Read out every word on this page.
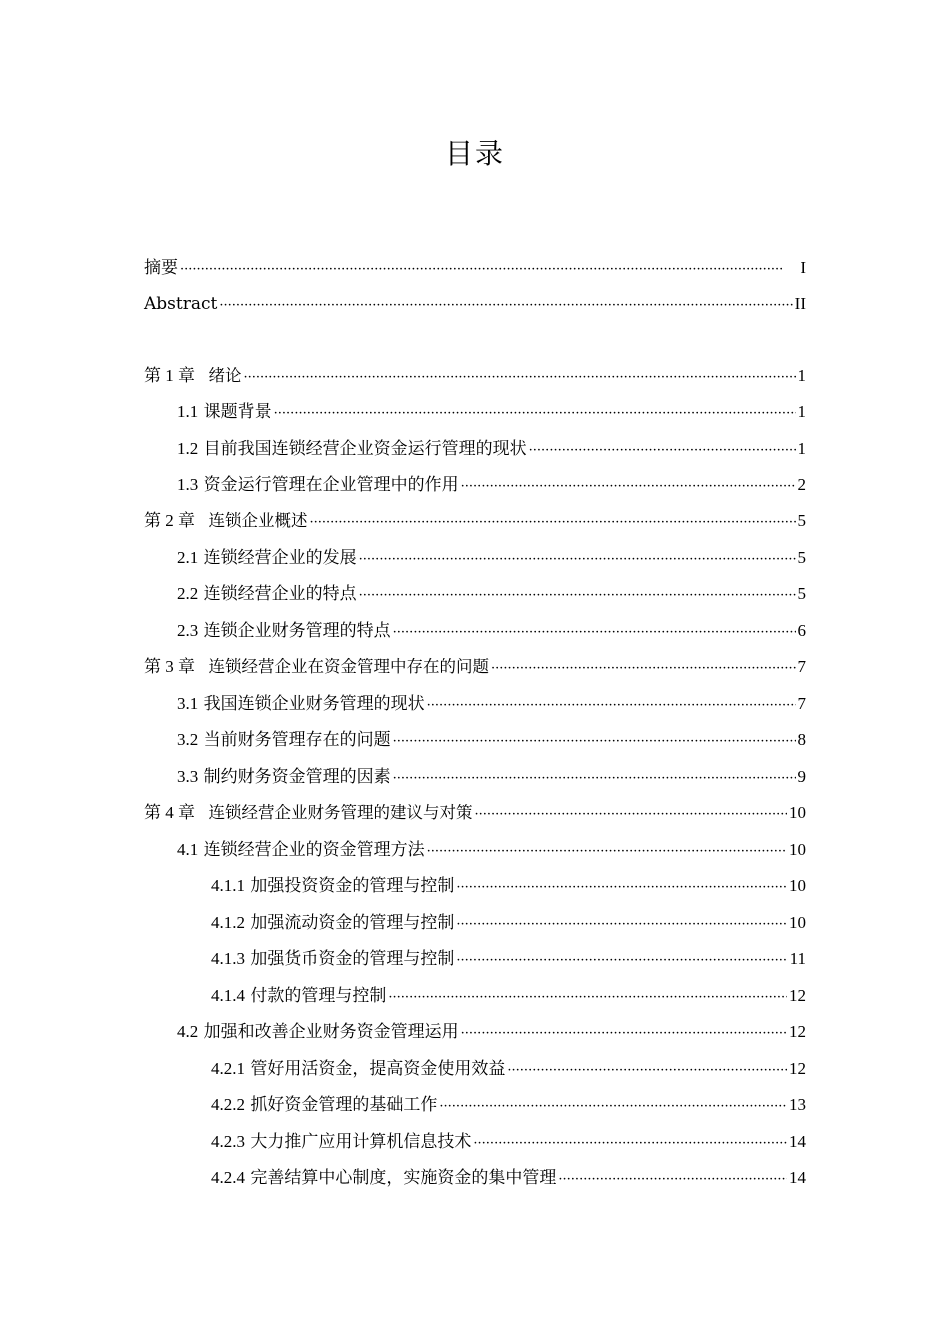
目录
摘要 ·····	I
Abstract ·····	II
第 1 章  绪论 ·····	1
1.1 课题背景 ·····	1
1.2 目前我国连锁经营企业资金运行管理的现状 ·····	1
1.3 资金运行管理在企业管理中的作用 ·····	2
第 2 章  连锁企业概述 ·····	5
2.1 连锁经营企业的发展 ·····	5
2.2 连锁经营企业的特点 ·····	5
2.3 连锁企业财务管理的特点 ·····	6
第 3 章  连锁经营企业在资金管理中存在的问题 ·····	7
3.1 我国连锁企业财务管理的现状 ·····	7
3.2 当前财务管理存在的问题 ·····	8
3.3 制约财务资金管理的因素 ·····	9
第 4 章  连锁经营企业财务管理的建议与对策 ·····	10
4.1 连锁经营企业的资金管理方法 ·····	10
4.1.1 加强投资资金的管理与控制 ·····	10
4.1.2 加强流动资金的管理与控制 ·····	10
4.1.3 加强货币资金的管理与控制 ·····	11
4.1.4 付款的管理与控制 ·····	12
4.2 加强和改善企业财务资金管理运用 ·····	12
4.2.1 管好用活资金，提高资金使用效益 ·····	12
4.2.2 抓好资金管理的基础工作 ·····	13
4.2.3 大力推广应用计算机信息技术 ·····	14
4.2.4 完善结算中心制度，实施资金的集中管理 ·····	14
